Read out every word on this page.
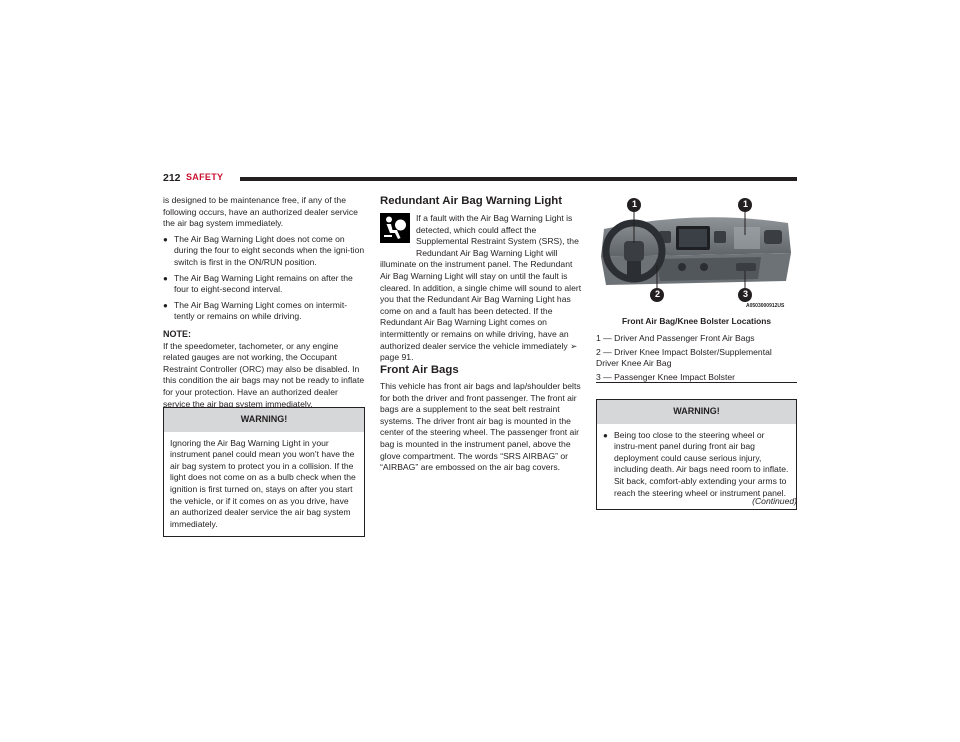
212 SAFETY

is designed to be maintenance free, if any of the following occurs, have an authorized dealer service the air bag system immediately.

● The Air Bag Warning Light does not come on during the four to eight seconds when the igni-tion switch is first in the ON/RUN position.
● The Air Bag Warning Light remains on after the four to eight-second interval.
● The Air Bag Warning Light comes on intermit-tently or remains on while driving.
NOTE:

If the speedometer, tachometer, or any engine related gauges are not working, the Occupant Restraint Controller (ORC) may also be disabled. In this condition the air bags may not be ready to inflate for your protection. Have an authorized dealer service the air bag system immediately.

WARNING!
Ignoring the Air Bag Warning Light in your instrument panel could mean you won’t have the air bag system to protect you in a collision. If the light does not come on as a bulb check when the ignition is first turned on, stays on after you start the vehicle, or if it comes on as you drive, have an authorized dealer service the air bag system immediately.
Redundant Air Bag Warning Light
If a fault with the Air Bag Warning Light is detected, which could affect the Supplemental Restraint System (SRS), the Redundant Air Bag Warning Light will illuminate on the instrument panel. The Redundant Air Bag Warning Light will stay on until the fault is cleared. In addition, a single chime will sound to alert you that the Redundant Air Bag Warning Light has come on and a fault has been detected. If the Redundant Air Bag Warning Light comes on intermittently or remains on while driving, have an authorized dealer service the vehicle immediately ➢ page 91.
Front Air Bags
This vehicle has front air bags and lap/shoulder belts for both the driver and front passenger. The front air bags are a supplement to the seat belt restraint systems. The driver front air bag is mounted in the center of the steering wheel. The passenger front air bag is mounted in the instrument panel, above the glove compartment. The words “SRS AIRBAG” or “AIRBAG” are embossed on the air bag covers.
1	1
2	3
A0503000912US
Front Air Bag/Knee Bolster Locations
1 — Driver And Passenger Front Air Bags
2 — Driver Knee Impact Bolster/Supplemental Driver Knee Air Bag
3 — Passenger Knee Impact Bolster
WARNING!
● Being too close to the steering wheel or instru-ment panel during front air bag deployment could cause serious injury, including death. Air bags need room to inflate. Sit back, comfort-ably extending your arms to reach the steering wheel or instrument panel.
(Continued)
